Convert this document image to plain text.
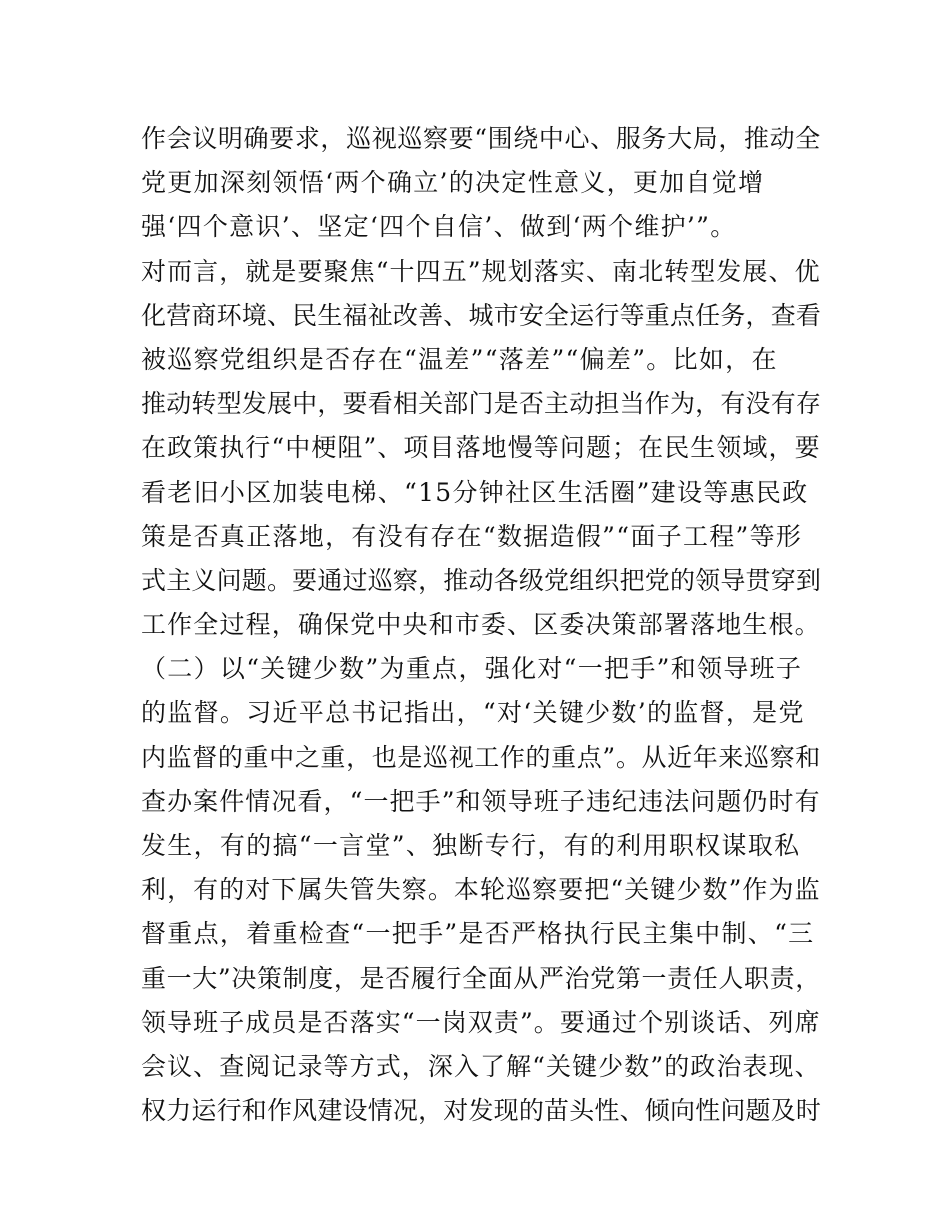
作会议明确要求，巡视巡察要“围绕中心、服务大局，推动全
党更加深刻领悟‘两个确立’的决定性意义，更加自觉增
强‘四个意识’、坚定‘四个自信’、做到‘两个维护’”。
对而言，就是要聚焦“十四五”规划落实、南北转型发展、优
化营商环境、民生福祉改善、城市安全运行等重点任务，查看
被巡察党组织是否存在“温差”“落差”“偏差”。比如，在
推动转型发展中，要看相关部门是否主动担当作为，有没有存
在政策执行“中梗阻”、项目落地慢等问题；在民生领域，要
看老旧小区加装电梯、“15分钟社区生活圈”建设等惠民政
策是否真正落地，有没有存在“数据造假”“面子工程”等形
式主义问题。要通过巡察，推动各级党组织把党的领导贯穿到
工作全过程，确保党中央和市委、区委决策部署落地生根。
（二）以“关键少数”为重点，强化对“一把手”和领导班子
的监督。习近平总书记指出，“对‘关键少数’的监督，是党
内监督的重中之重，也是巡视工作的重点”。从近年来巡察和
查办案件情况看，“一把手”和领导班子违纪违法问题仍时有
发生，有的搞“一言堂”、独断专行，有的利用职权谋取私
利，有的对下属失管失察。本轮巡察要把“关键少数”作为监
督重点，着重检查“一把手”是否严格执行民主集中制、“三
重一大”决策制度，是否履行全面从严治党第一责任人职责，
领导班子成员是否落实“一岗双责”。要通过个别谈话、列席
会议、查阅记录等方式，深入了解“关键少数”的政治表现、
权力运行和作风建设情况，对发现的苗头性、倾向性问题及时
